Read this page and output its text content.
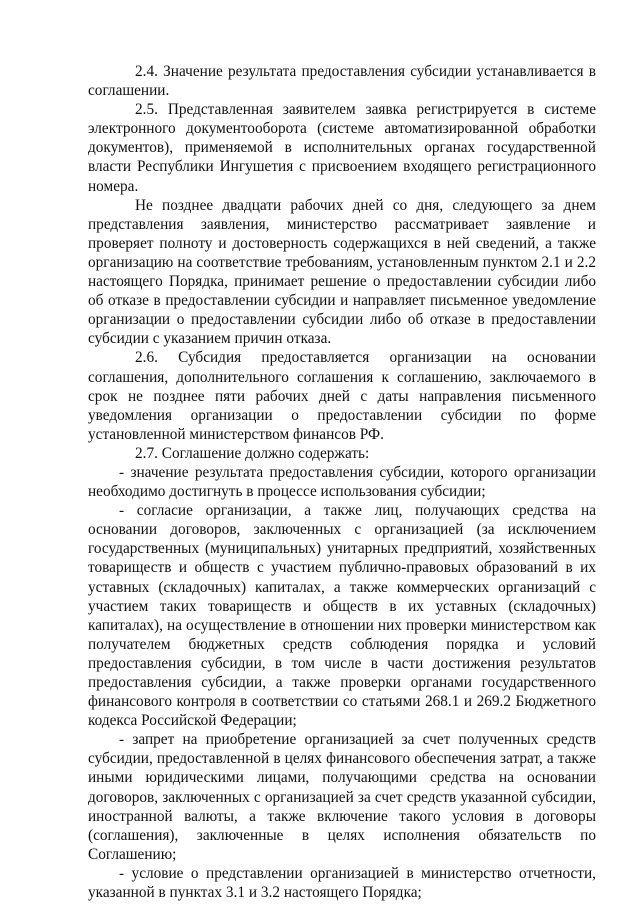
2.4. Значение результата предоставления субсидии устанавливается в соглашении.

2.5. Представленная заявителем заявка регистрируется в системе электронного документооборота (системе автоматизированной обработки документов), применяемой в исполнительных органах государственной власти Республики Ингушетия с присвоением входящего регистрационного номера.

Не позднее двадцати рабочих дней со дня, следующего за днем представления заявления, министерство рассматривает заявление и проверяет полноту и достоверность содержащихся в ней сведений, а также организацию на соответствие требованиям, установленным пунктом 2.1 и 2.2 настоящего Порядка, принимает решение о предоставлении субсидии либо об отказе в предоставлении субсидии и направляет письменное уведомление организации о предоставлении субсидии либо об отказе в предоставлении субсидии с указанием причин отказа.

2.6. Субсидия предоставляется организации на основании соглашения, дополнительного соглашения к соглашению, заключаемого в срок не позднее пяти рабочих дней с даты направления письменного уведомления организации о предоставлении субсидии по форме установленной министерством финансов РФ.

2.7. Соглашение должно содержать:

- значение результата предоставления субсидии, которого организации необходимо достигнуть в процессе использования субсидии;

- согласие организации, а также лиц, получающих средства на основании договоров, заключенных с организацией (за исключением государственных (муниципальных) унитарных предприятий, хозяйственных товариществ и обществ с участием публично-правовых образований в их уставных (складочных) капиталах, а также коммерческих организаций с участием таких товариществ и обществ в их уставных (складочных) капиталах), на осуществление в отношении них проверки министерством как получателем бюджетных средств соблюдения порядка и условий предоставления субсидии, в том числе в части достижения результатов предоставления субсидии, а также проверки органами государственного финансового контроля в соответствии со статьями 268.1 и 269.2 Бюджетного кодекса Российской Федерации;

- запрет на приобретение организацией за счет полученных средств субсидии, предоставленной в целях финансового обеспечения затрат, а также иными юридическими лицами, получающими средства на основании договоров, заключенных с организацией за счет средств указанной субсидии, иностранной валюты, а также включение такого условия в договоры (соглашения), заключенные в целях исполнения обязательств по Соглашению;

- условие о представлении организацией в министерство отчетности, указанной в пунктах 3.1 и 3.2 настоящего Порядка;
